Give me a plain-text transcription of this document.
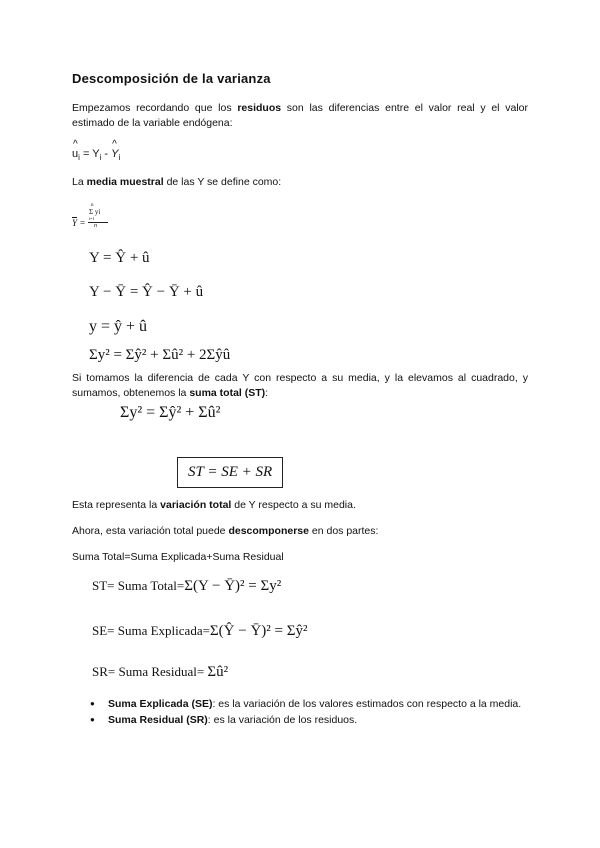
Descomposición de la varianza
Empezamos recordando que los residuos son las diferencias entre el valor real y el valor estimado de la variable endógena:
^ $u_i = Y_i$ - ^ $Y_i$
La media muestral de las Y se define como:
$\overline{Y}$ =
n
Σ yi
i=1
n
Y = Ŷ + û
Y − Ȳ = Ŷ − Ȳ + û
y = ŷ + û
Σy² = Σŷ² + Σû² + 2Σŷû
Si tomamos la diferencia de cada Y con respecto a su media, y la elevamos al cuadrado, y sumamos, obtenemos la suma total (ST):
Σy² = Σŷ² + Σû²
ST = SE + SR
Esta representa la variación total de Y respecto a su media.
Ahora, esta variación total puede descomponerse en dos partes:
Suma Total=Suma Explicada+Suma Residual
ST= Suma Total=Σ(Y − Ȳ)² = Σy²
SE= Suma Explicada=Σ(Ŷ − Ȳ)² = Σŷ²
SR= Suma Residual= Σû²
● Suma Explicada (SE): es la variación de los valores estimados con respecto a la media.
● Suma Residual (SR): es la variación de los residuos.
